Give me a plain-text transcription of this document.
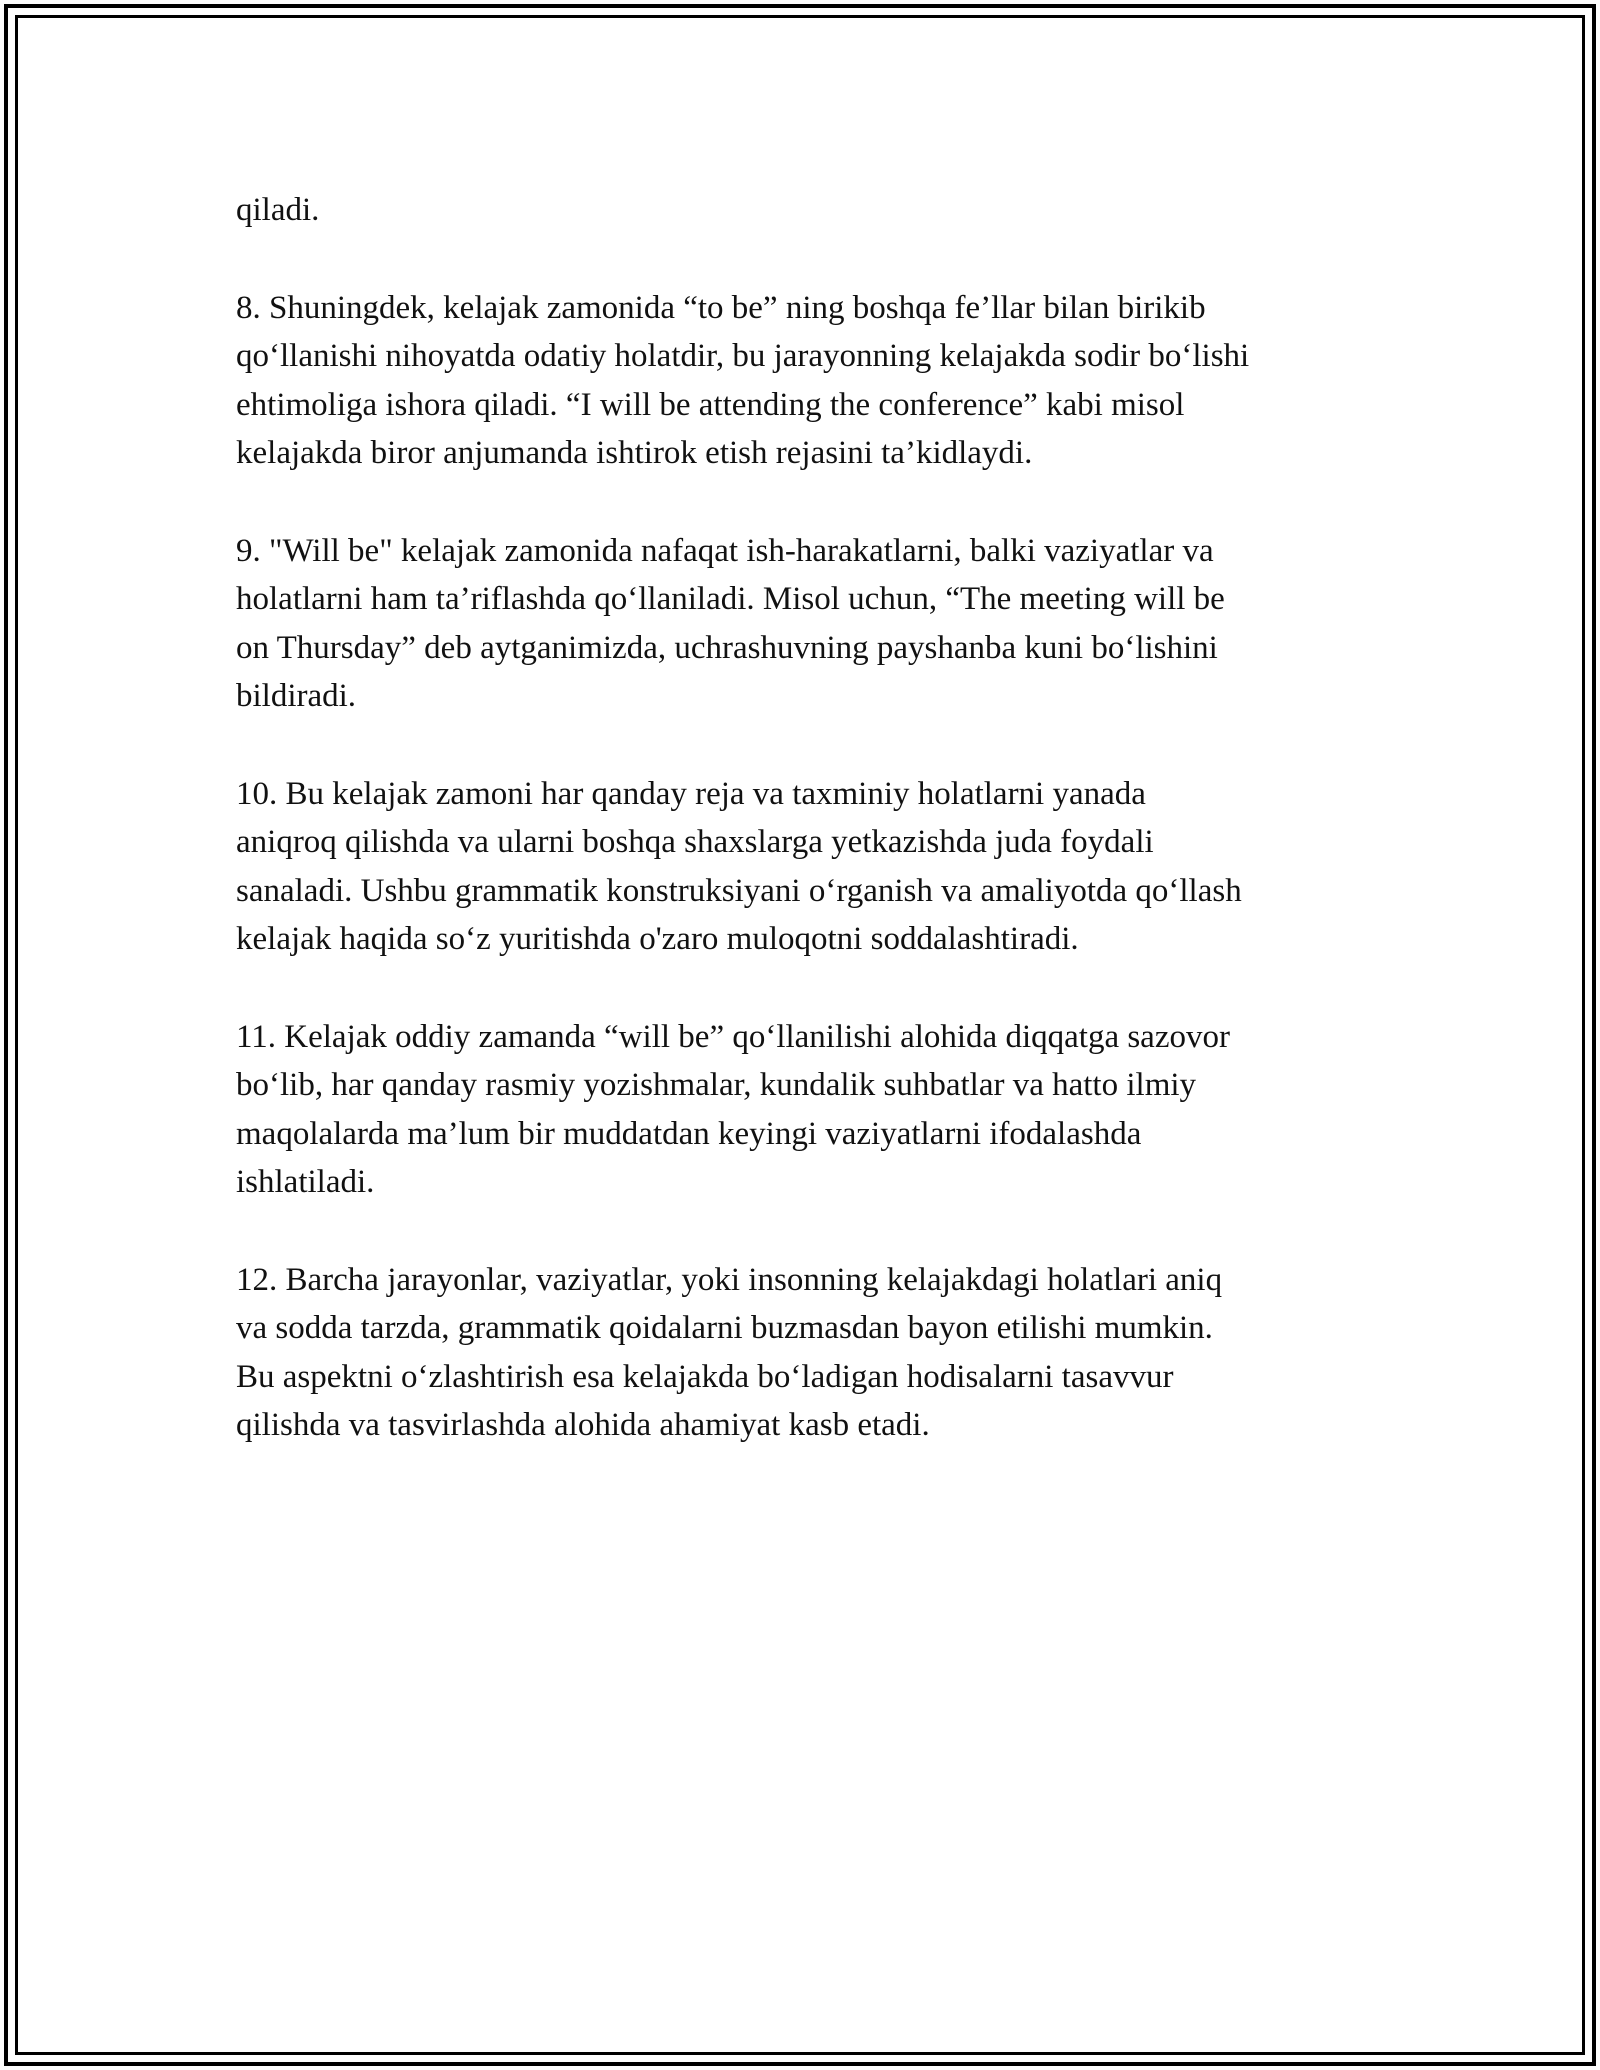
qiladi.

8. Shuningdek, kelajak zamonida “to be” ning boshqa fe’llar bilan birikib
qo‘llanishi nihoyatda odatiy holatdir, bu jarayonning kelajakda sodir bo‘lishi
ehtimoliga ishora qiladi. “I will be attending the conference” kabi misol
kelajakda biror anjumanda ishtirok etish rejasini ta’kidlaydi.

9. "Will be" kelajak zamonida nafaqat ish-harakatlarni, balki vaziyatlar va
holatlarni ham ta’riflashda qo‘llaniladi. Misol uchun, “The meeting will be
on Thursday” deb aytganimizda, uchrashuvning payshanba kuni bo‘lishini
bildiradi.

10. Bu kelajak zamoni har qanday reja va taxminiy holatlarni yanada
aniqroq qilishda va ularni boshqa shaxslarga yetkazishda juda foydali
sanaladi. Ushbu grammatik konstruksiyani o‘rganish va amaliyotda qo‘llash
kelajak haqida so‘z yuritishda o'zaro muloqotni soddalashtiradi.

11. Kelajak oddiy zamanda “will be” qo‘llanilishi alohida diqqatga sazovor
bo‘lib, har qanday rasmiy yozishmalar, kundalik suhbatlar va hatto ilmiy
maqolalarda ma’lum bir muddatdan keyingi vaziyatlarni ifodalashda
ishlatiladi.

12. Barcha jarayonlar, vaziyatlar, yoki insonning kelajakdagi holatlari aniq
va sodda tarzda, grammatik qoidalarni buzmasdan bayon etilishi mumkin.
Bu aspektni o‘zlashtirish esa kelajakda bo‘ladigan hodisalarni tasavvur
qilishda va tasvirlashda alohida ahamiyat kasb etadi.
